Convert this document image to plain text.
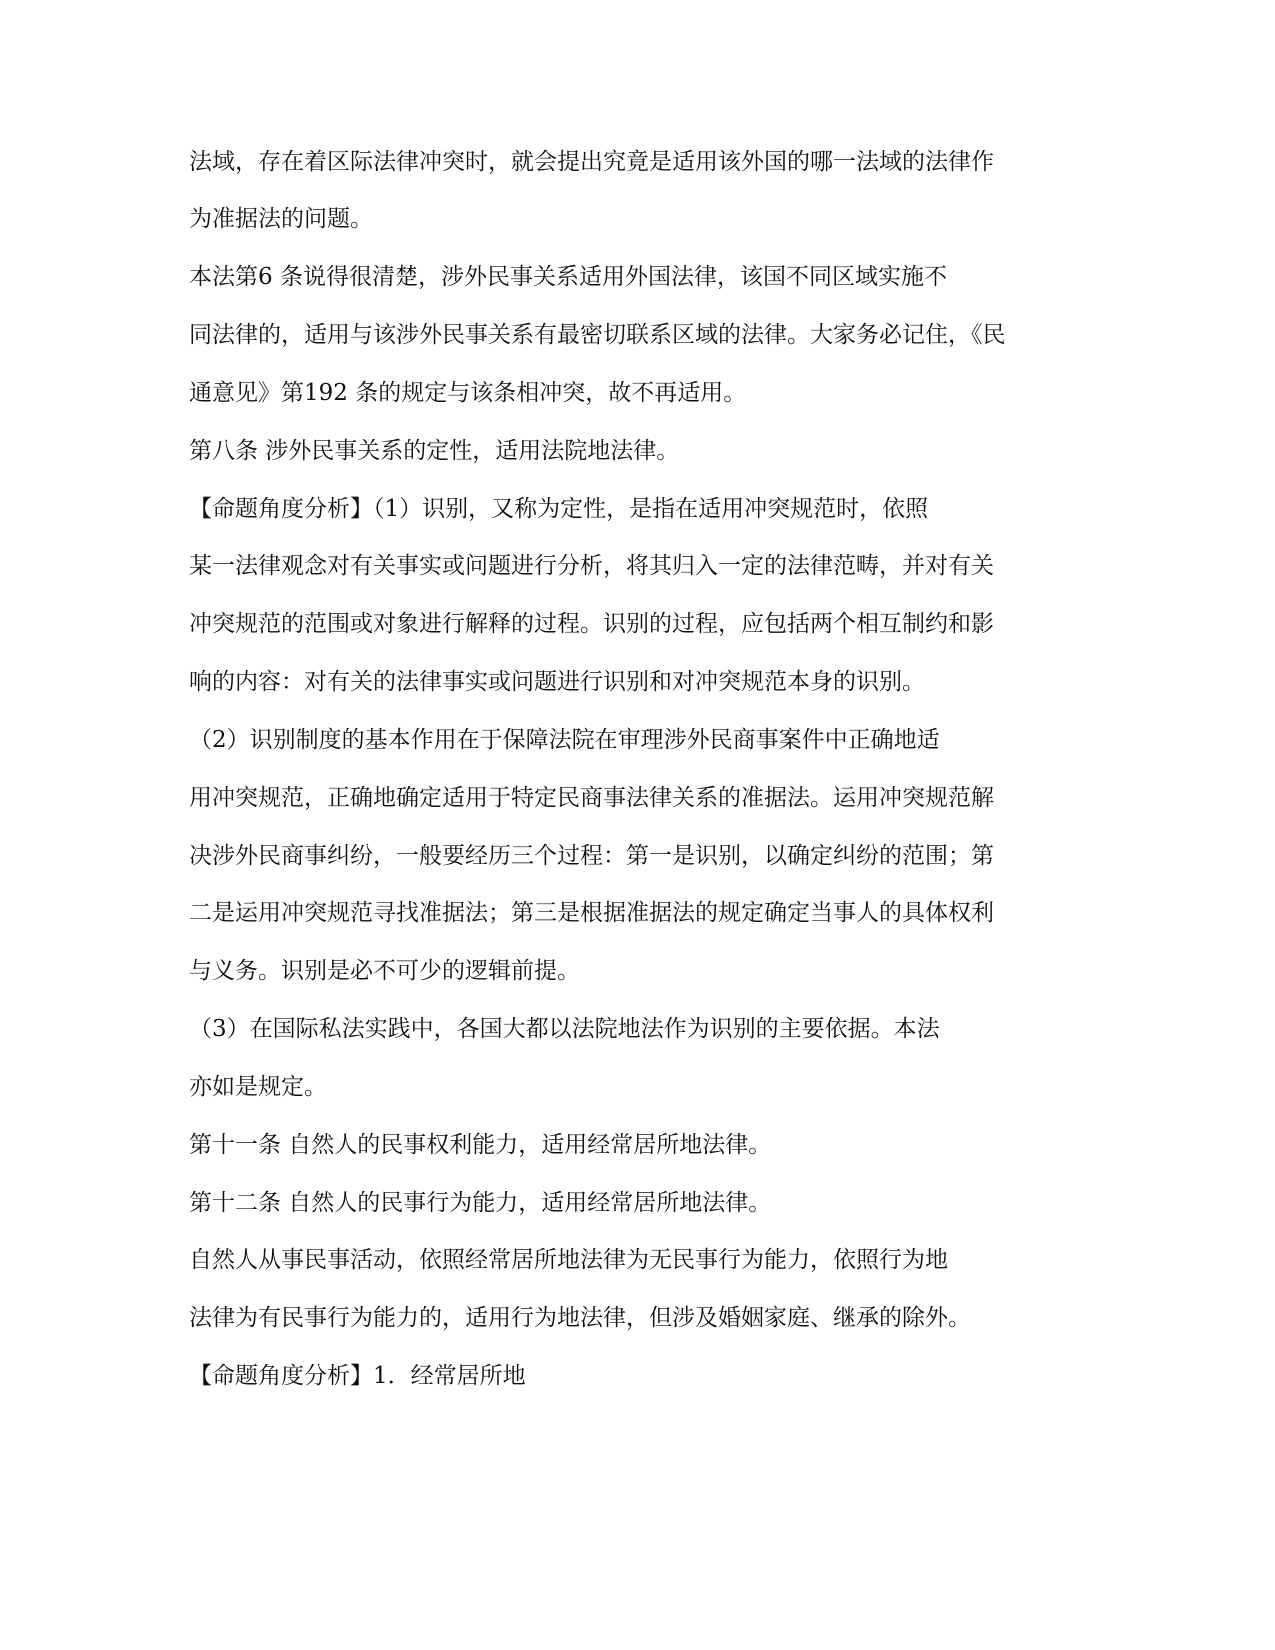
法域，存在着区际法律冲突时，就会提出究竟是适用该外国的哪一法域的法律作

为准据法的问题。

本法第6 条说得很清楚，涉外民事关系适用外国法律，该国不同区域实施不

同法律的，适用与该涉外民事关系有最密切联系区域的法律。大家务必记住，《民

通意见》第192 条的规定与该条相冲突，故不再适用。

第八条 涉外民事关系的定性，适用法院地法律。

【命题角度分析】（1）识别，又称为定性，是指在适用冲突规范时，依照

某一法律观念对有关事实或问题进行分析，将其归入一定的法律范畴，并对有关

冲突规范的范围或对象进行解释的过程。识别的过程，应包括两个相互制约和影

响的内容：对有关的法律事实或问题进行识别和对冲突规范本身的识别。

（2）识别制度的基本作用在于保障法院在审理涉外民商事案件中正确地适

用冲突规范，正确地确定适用于特定民商事法律关系的准据法。运用冲突规范解

决涉外民商事纠纷，一般要经历三个过程：第一是识别，以确定纠纷的范围；第

二是运用冲突规范寻找准据法；第三是根据准据法的规定确定当事人的具体权利

与义务。识别是必不可少的逻辑前提。

（3）在国际私法实践中，各国大都以法院地法作为识别的主要依据。本法

亦如是规定。

第十一条 自然人的民事权利能力，适用经常居所地法律。

第十二条 自然人的民事行为能力，适用经常居所地法律。

自然人从事民事活动，依照经常居所地法律为无民事行为能力，依照行为地

法律为有民事行为能力的，适用行为地法律，但涉及婚姻家庭、继承的除外。

【命题角度分析】1．经常居所地
